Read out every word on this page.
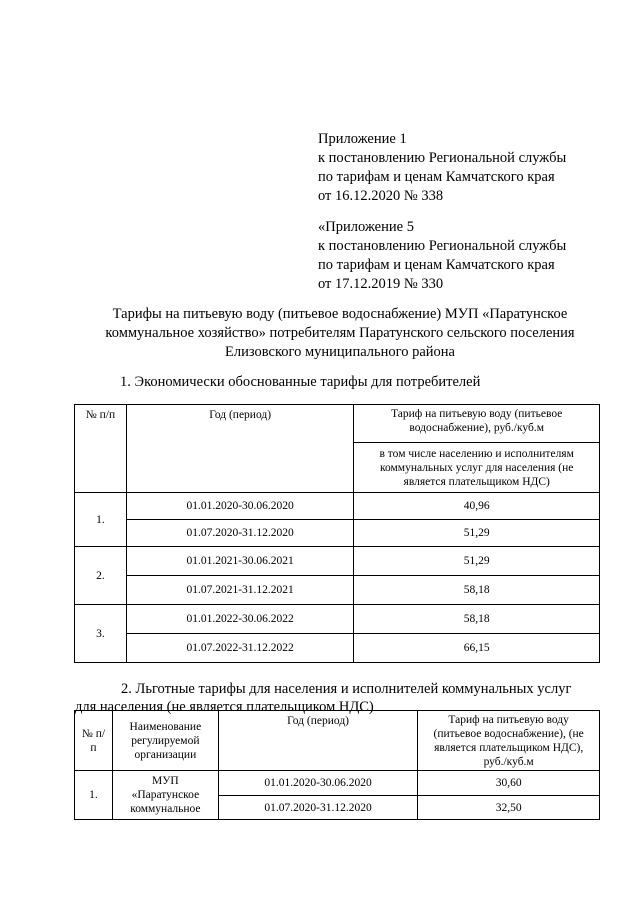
Приложение 1
к постановлению Региональной службы
по тарифам и ценам Камчатского края
от 16.12.2020 № 338
«Приложение 5
к постановлению Региональной службы
по тарифам и ценам Камчатского края
от 17.12.2019 № 330
Тарифы на питьевую воду (питьевое водоснабжение) МУП «Паратунское
коммунальное хозяйство» потребителям Паратунского сельского поселения
Елизовского муниципального района
1. Экономически обоснованные тарифы для потребителей
№ п/п	Год (период)	Тариф на питьевую воду (питьевое водоснабжение), руб./куб.м
		в том числе населению и исполнителям коммунальных услуг для населения (не является плательщиком НДС)
1.	01.01.2020-30.06.2020	40,96
	01.07.2020-31.12.2020	51,29
2.	01.01.2021-30.06.2021	51,29
	01.07.2021-31.12.2021	58,18
3.	01.01.2022-30.06.2022	58,18
	01.07.2022-31.12.2022	66,15
2. Льготные тарифы для населения и исполнителей коммунальных услуг
для населения (не является плательщиком НДС)
№ п/п	Наименование регулируемой организации	Год (период)	Тариф на питьевую воду (питьевое водоснабжение), (не является плательщиком НДС), руб./куб.м
1.	МУП «Паратунское коммунальное	01.01.2020-30.06.2020	30,60
		01.07.2020-31.12.2020	32,50
